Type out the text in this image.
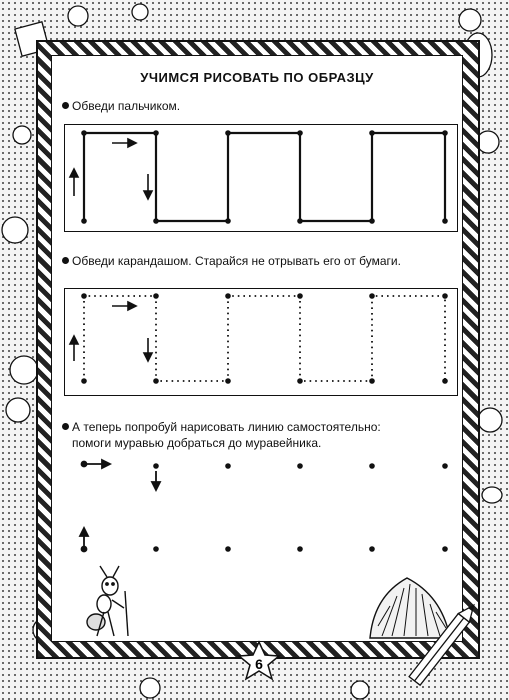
УЧИМСЯ РИСОВАТЬ ПО ОБРАЗЦУ
Обведи пальчиком.
Обведи карандашом. Старайся не отрывать его от бумаги.
А теперь попробуй нарисовать линию самостоятельно:
помоги муравью добраться до муравейника.
6
